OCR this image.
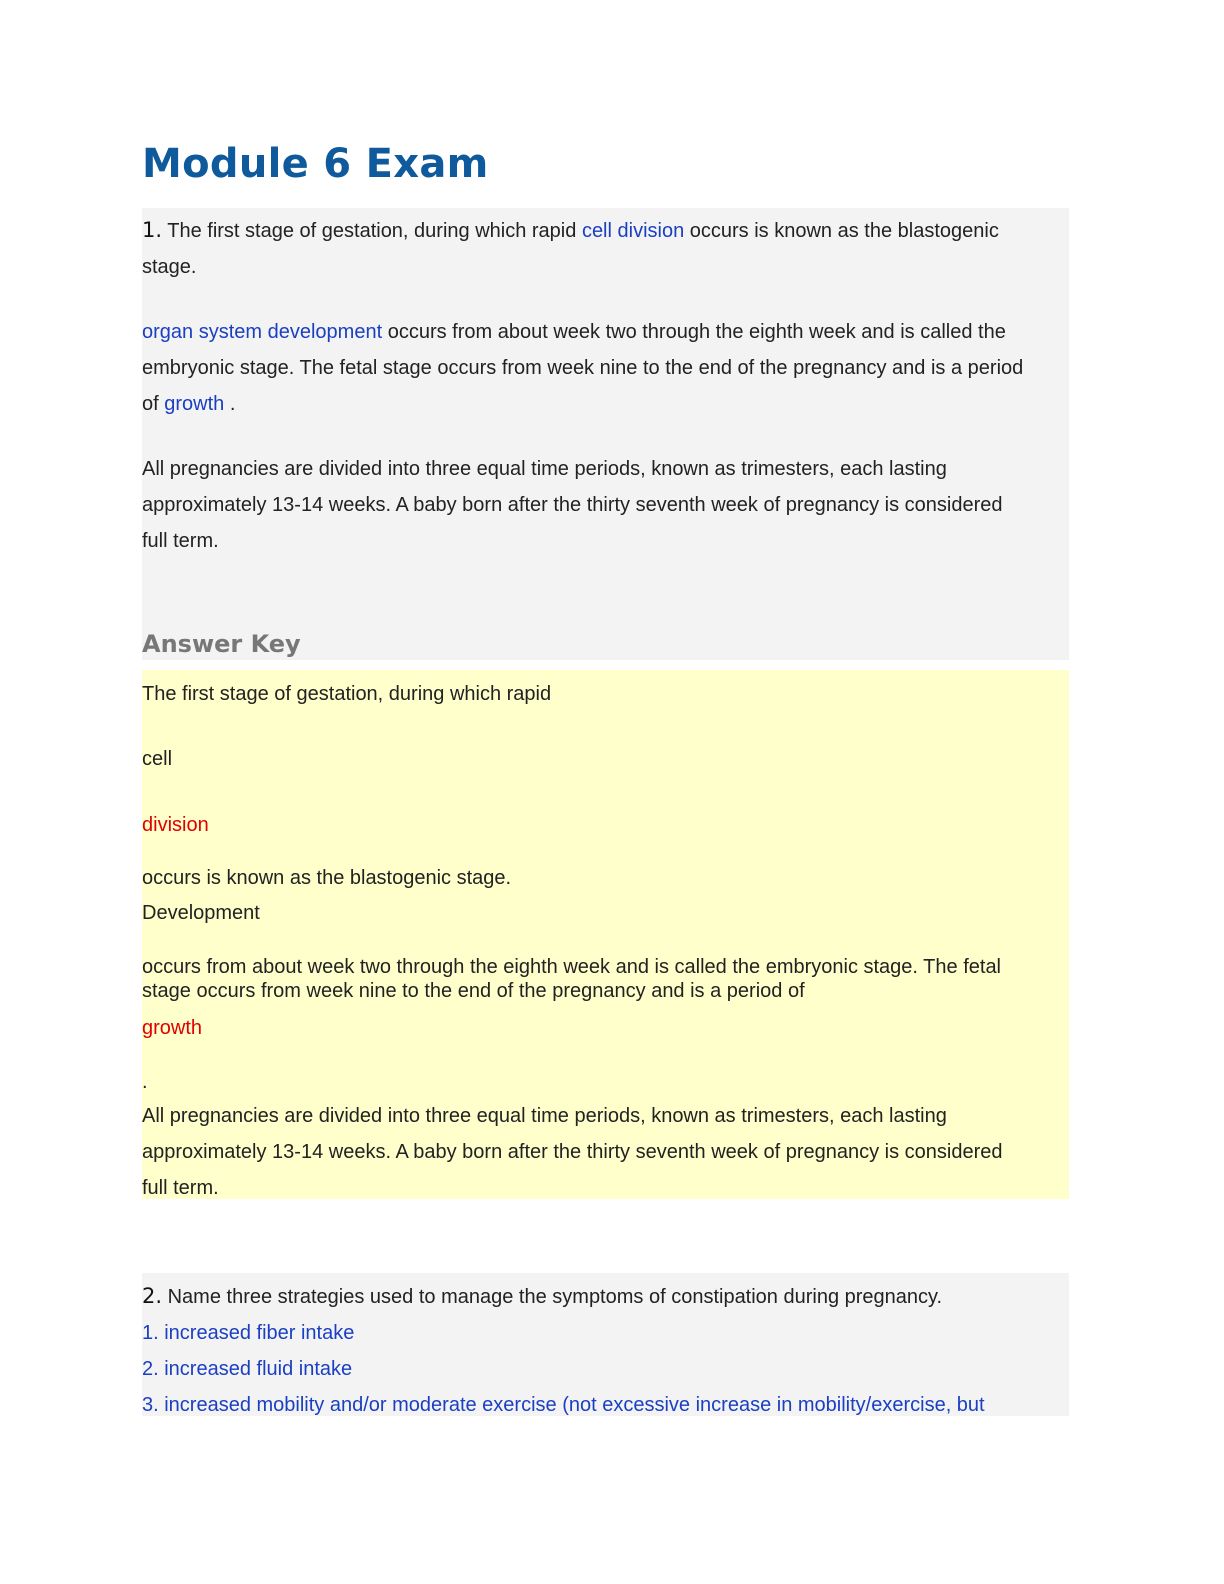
Module 6 Exam
1. The first stage of gestation, during which rapid cell division occurs is known as the blastogenic
stage.
organ system development occurs from about week two through the eighth week and is called the
embryonic stage. The fetal stage occurs from week nine to the end of the pregnancy and is a period
of growth .
All pregnancies are divided into three equal time periods, known as trimesters, each lasting
approximately 13-14 weeks. A baby born after the thirty seventh week of pregnancy is considered
full term.
Answer Key
The first stage of gestation, during which rapid
cell
division
occurs is known as the blastogenic stage.
Development
occurs from about week two through the eighth week and is called the embryonic stage. The fetal
stage occurs from week nine to the end of the pregnancy and is a period of
growth
.
All pregnancies are divided into three equal time periods, known as trimesters, each lasting
approximately 13-14 weeks. A baby born after the thirty seventh week of pregnancy is considered
full term.
2. Name three strategies used to manage the symptoms of constipation during pregnancy.
1. increased fiber intake
2. increased fluid intake
3. increased mobility and/or moderate exercise (not excessive increase in mobility/exercise, but
